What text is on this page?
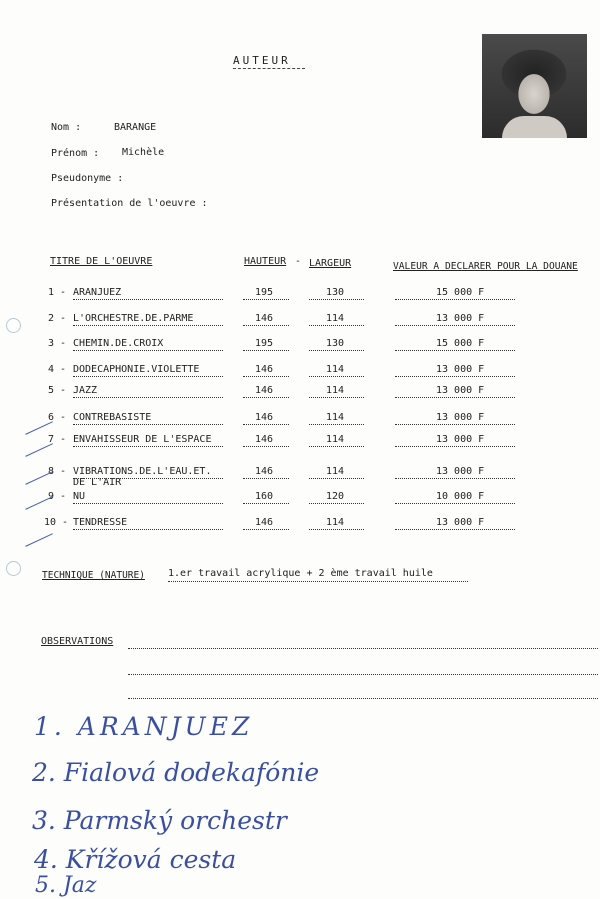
AUTEUR
Nom :	BARANGE
Prénom : Michèle
Pseudonyme :
Présentation de l'oeuvre :
TITRE DE L'OEUVRE	HAUTEUR - LARGEUR	VALEUR A DECLARER POUR LA DOUANE
1 - ARANJUEZ	195	130	15 000 F
2 - L'ORCHESTRE.DE.PARME	146	114	13 000 F
3 - CHEMIN.DE.CROIX	195	130	15 000 F
4 - DODECAPHONIE.VIOLETTE	146	114	13 000 F
5 - JAZZ	146	114	13 000 F
6 - CONTREBASISTE	146	114	13 000 F
7 - ENVAHISSEUR DE L'ESPACE	146	114	13 000 F
8 - VIBRATIONS.DE.L'EAU.ET.
DE L'AIR
146	114	13 000 F
9 - NU	160	120	10 000 F
10 - TENDRESSE	146	114	13 000 F
TECHNIQUE (NATURE) 1.er travail acrylique + 2 ème travail huile
OBSERVATIONS
1. ARANJUEZ
2. Fialová dodekafónie
3. Parmský orchestr
4. Křížová cesta
5. Jaz
